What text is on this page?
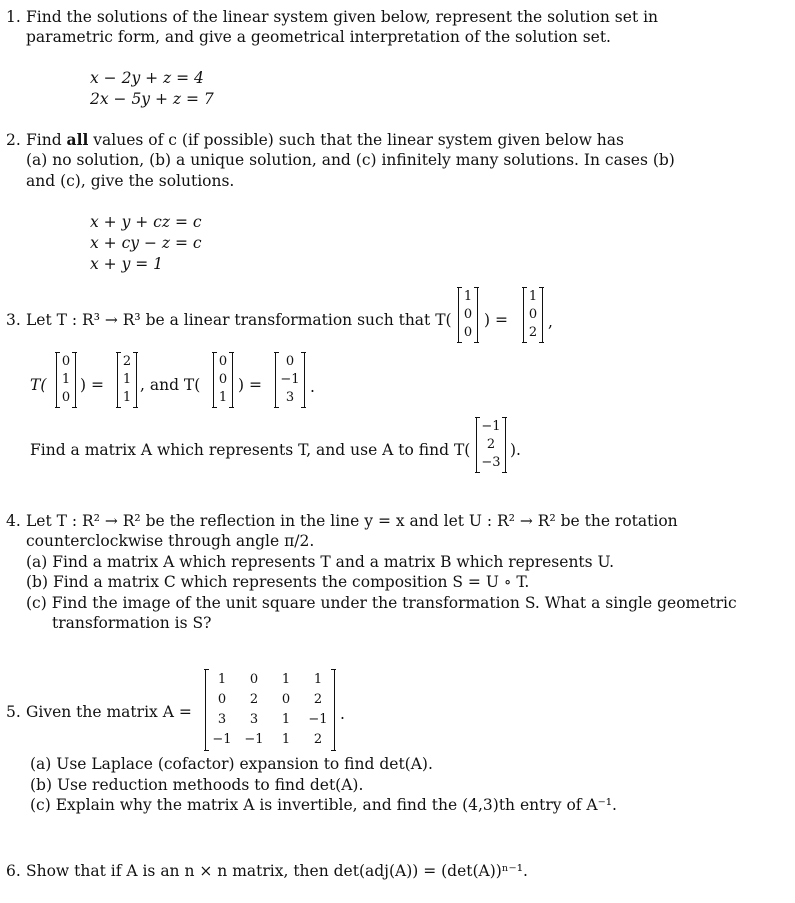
1. Find the solutions of the linear system given below, represent the solution set in
parametric form, and give a geometrical interpretation of the solution set.
x − 2y + z = 4
2x − 5y + z = 7
2. Find all values of c (if possible) such that the linear system given below has
(a) no solution, (b) a unique solution, and (c) infinitely many solutions. In cases (b)
and (c), give the solutions.
x + y + cz = c
x + cy − z = c
x + y = 1
3. Let T : R³ → R³ be a linear transformation such that T(
1
0
0
) =
1
0
2
,
T(
0
1
0
) =
2
1
1
, and T(
0
0
1
) =
0
−1
3
.
Find a matrix A which represents T, and use A to find T(
−1
2
−3
).
4. Let T : R² → R² be the reflection in the line y = x and let U : R² → R² be the rotation
counterclockwise through angle π/2.
(a) Find a matrix A which represents T and a matrix B which represents U.
(b) Find a matrix C which represents the composition S = U ∘ T.
(c) Find the image of the unit square under the transformation S. What a single geometric
transformation is S?
5. Given the matrix A =
1	0	1	1
0	2	0	2
3	3	1	−1
−1 −1	1	2
.
(a) Use Laplace (cofactor) expansion to find det(A).
(b) Use reduction methoods to find det(A).
(c) Explain why the matrix A is invertible, and find the (4,3)th entry of A⁻¹.
6. Show that if A is an n × n matrix, then det(adj(A)) = (det(A))ⁿ⁻¹.
